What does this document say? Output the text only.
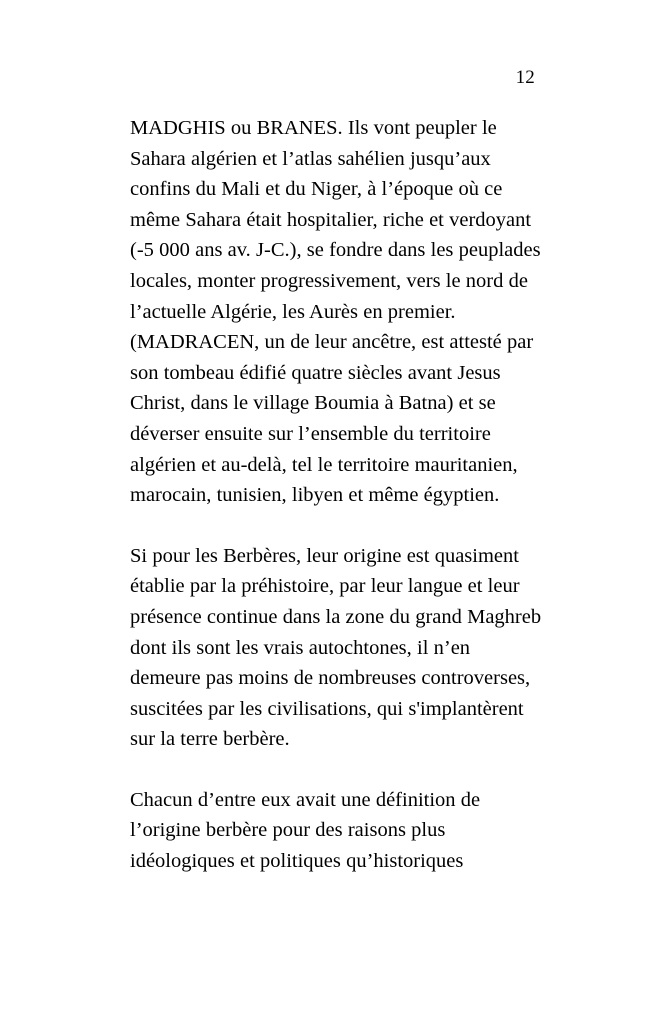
12

MADGHIS ou BRANES. Ils vont peupler le Sahara algérien et l’atlas sahélien jusqu’aux confins du Mali et du Niger, à l’époque où ce même Sahara était hospitalier, riche et verdoyant (-5 000 ans av. J-C.), se fondre dans les peuplades locales, monter progressivement, vers le nord de l’actuelle Algérie, les Aurès en premier. (MADRACEN, un de leur ancêtre, est attesté par son tombeau édifié quatre siècles avant Jesus Christ, dans le village Boumia à Batna) et se déverser ensuite sur l’ensemble du territoire algérien et au-delà, tel le territoire mauritanien, marocain, tunisien, libyen et même égyptien.

Si pour les Berbères, leur origine est quasiment établie par la préhistoire, par leur langue et leur présence continue dans la zone du grand Maghreb dont ils sont les vrais autochtones, il n’en demeure pas moins de nombreuses controverses, suscitées par les civilisations, qui s'implantèrent sur la terre berbère.

Chacun d’entre eux avait une définition de l’origine berbère pour des raisons plus idéologiques et politiques qu’historiques
